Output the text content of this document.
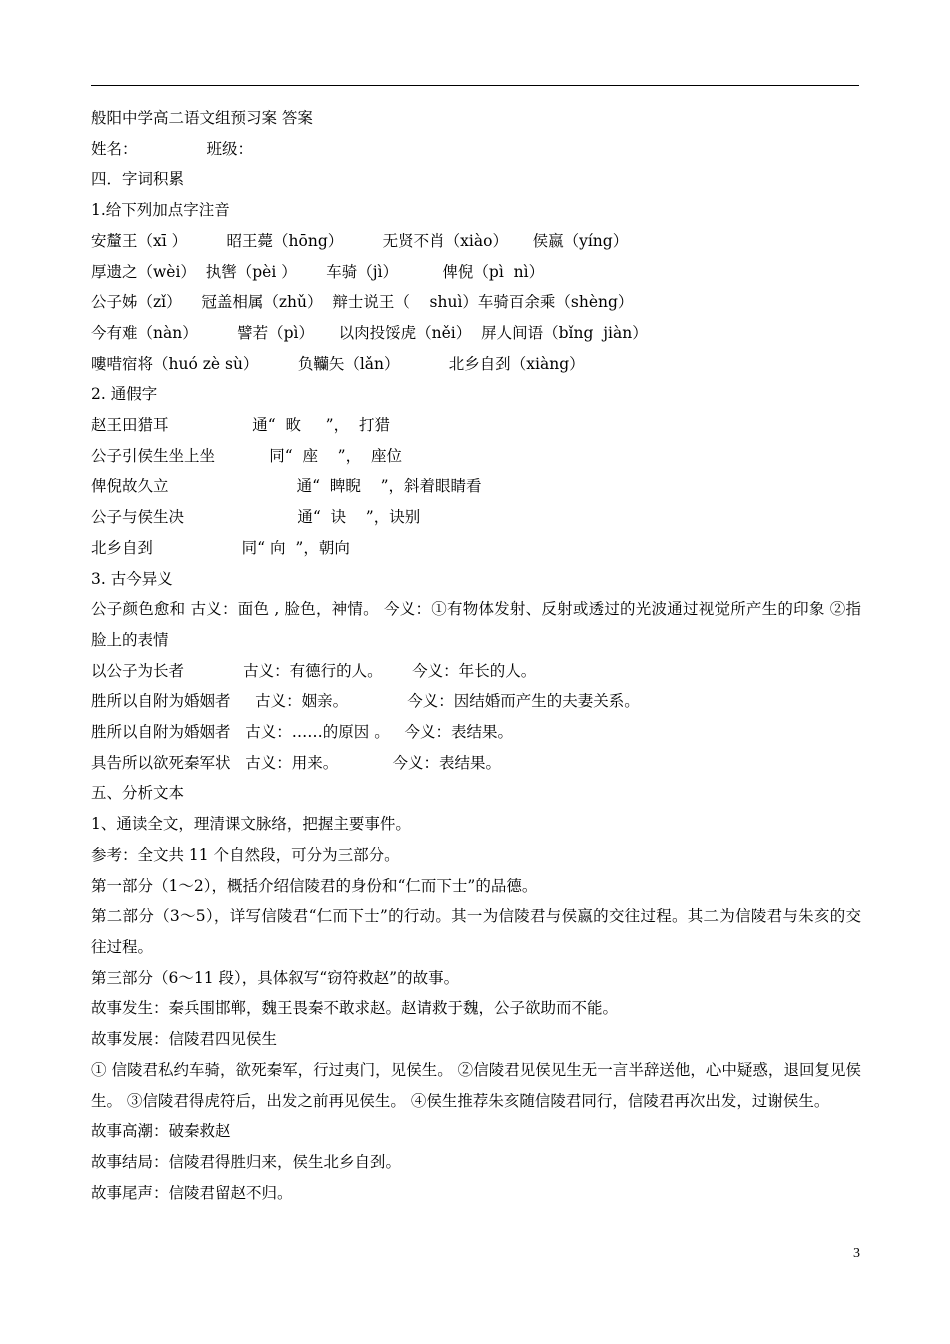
般阳中学高二语文组预习案 答案
姓名：              班级：
四．字词积累
1.给下列加点字注音
安釐王（xī ）        昭王薨（hōng）        无贤不肖（xiào）     侯嬴（yíng）
厚遗之（wèi）  执辔（pèi ）      车骑（jì）         俾倪（pì  nì）
公子姊（zǐ）    冠盖相属（zhǔ）  辩士说王（    shuì）车骑百余乘（shèng）
今有难（nàn）        譬若（pì）     以肉投馁虎（něi）  屏人间语（bǐng  jiàn）
嘍唶宿将（huó zè sù）        负韊矢（lǎn）          北乡自刭（xiàng）
2. 通假字
赵王田猎耳                 通“  畋     ”，  打猎
公子引侯生坐上坐           同“  座    ”，  座位
俾倪故久立                          通“  睥睨    ”，斜着眼睛看
公子与侯生决                       通“  诀    ”，诀别
北乡自刭                  同“ 向  ”，朝向
3. 古今异义
公子颜色愈和 古义：面色 , 脸色，神情。 今义：①有物体发射、反射或透过的光波通过视觉所产生的印象 ②指脸上的表情
以公子为长者            古义：有德行的人。      今义：年长的人。
胜所以自附为婚姻者     古义：姻亲。            今义：因结婚而产生的夫妻关系。
胜所以自附为婚姻者   古义：……的原因 。   今义：表结果。
具告所以欲死秦军状   古义：用来。           今义：表结果。
五、分析文本
1、通读全文，理清课文脉络，把握主要事件。
参考：全文共 11 个自然段，可分为三部分。
第一部分（1～2），概括介绍信陵君的身份和“仁而下士”的品德。
第二部分（3～5），详写信陵君“仁而下士”的行动。其一为信陵君与侯嬴的交往过程。其二为信陵君与朱亥的交往过程。
第三部分（6～11 段），具体叙写“窃符救赵”的故事。
故事发生：秦兵围邯郸，魏王畏秦不敢求赵。赵请救于魏，公子欲助而不能。
故事发展：信陵君四见侯生
① 信陵君私约车骑，欲死秦军，行过夷门，见侯生。 ②信陵君见侯见生无一言半辞送他，心中疑惑，退回复见侯生。 ③信陵君得虎符后，出发之前再见侯生。 ④侯生推荐朱亥随信陵君同行，信陵君再次出发，过谢侯生。
故事高潮：破秦救赵
故事结局：信陵君得胜归来，侯生北乡自刭。
故事尾声：信陵君留赵不归。
3
